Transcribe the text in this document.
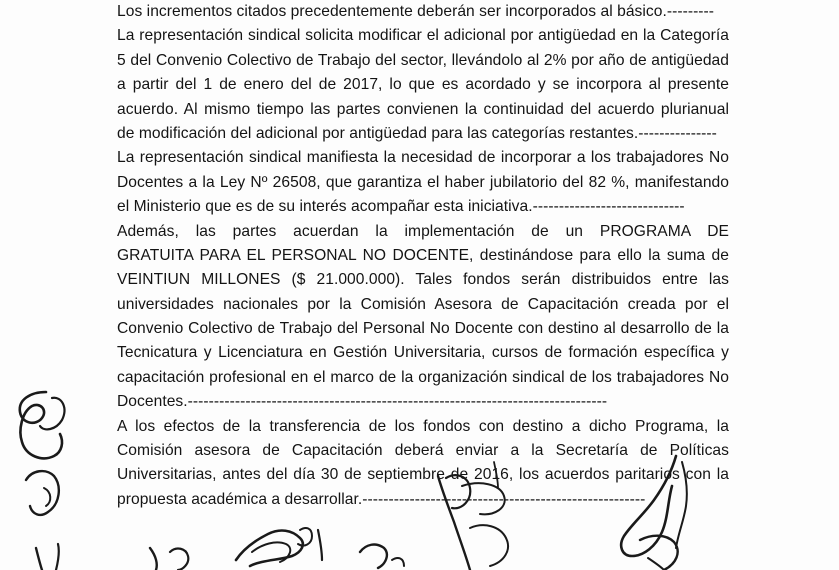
Los incrementos citados precedentemente deberán ser incorporados al básico.---------
La representación sindical solicita modificar el adicional por antigüedad en la Categoría
5 del Convenio Colectivo de Trabajo del sector, llevándolo al 2% por año de antigüedad
a partir del 1 de enero del de 2017, lo que es acordado y se incorpora al presente
acuerdo. Al mismo tiempo las partes convienen la continuidad del acuerdo plurianual
de modificación del adicional por antigüedad para las categorías restantes.---------------
La representación sindical manifiesta la necesidad de incorporar a los trabajadores No
Docentes a la Ley Nº 26508, que garantiza el haber jubilatorio del 82 %, manifestando
el Ministerio que es de su interés acompañar esta iniciativa.-----------------------------
Además, las partes acuerdan la implementación de un PROGRAMA DE
GRATUITA PARA EL PERSONAL NO DOCENTE, destinándose para ello la suma de
VEINTIUN MILLONES ($ 21.000.000). Tales fondos serán distribuidos entre las
universidades nacionales por la Comisión Asesora de Capacitación creada por el
Convenio Colectivo de Trabajo del Personal No Docente con destino al desarrollo de la
Tecnicatura y Licenciatura en Gestión Universitaria, cursos de formación específica y
capacitación profesional en el marco de la organización sindical de los trabajadores No
Docentes.--------------------------------------------------------------------------------
A los efectos de la transferencia de los fondos con destino a dicho Programa, la
Comisión asesora de Capacitación deberá enviar a la Secretaría de Políticas
Universitarias, antes del día 30 de septiembre de 2016, los acuerdos paritarios con la
propuesta académica a desarrollar.------------------------------------------------------
